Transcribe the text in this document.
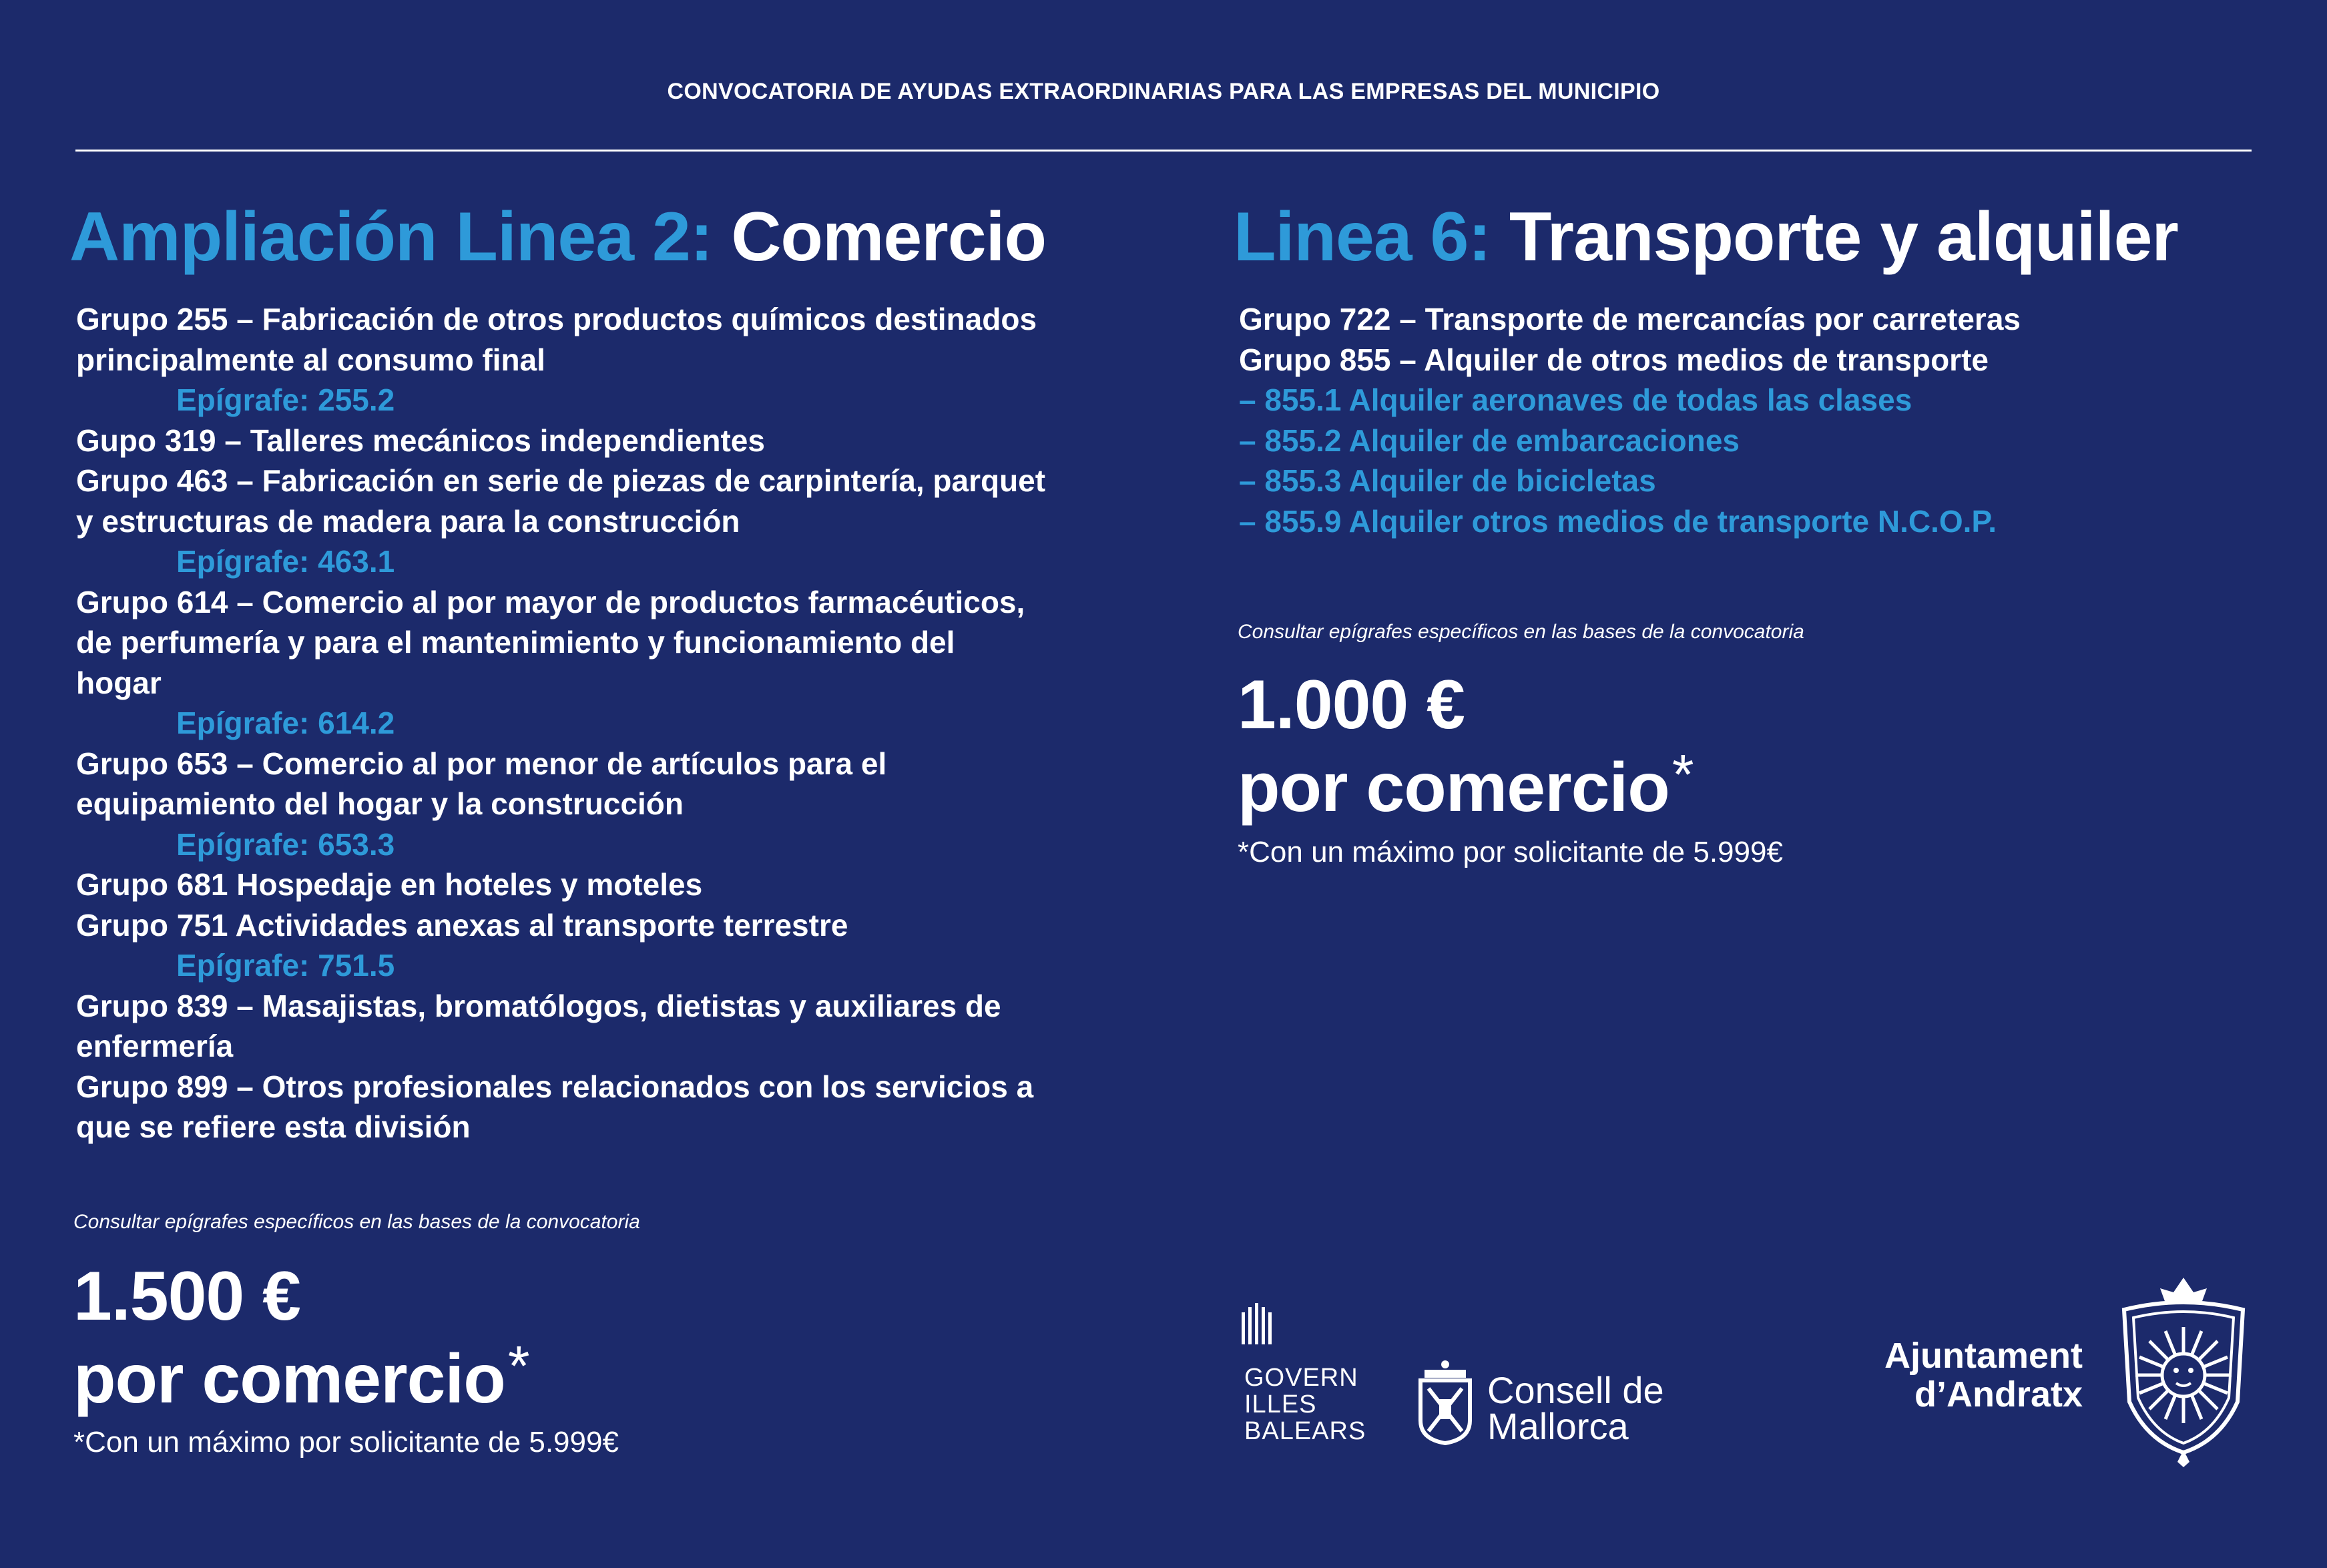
CONVOCATORIA DE AYUDAS EXTRAORDINARIAS PARA LAS EMPRESAS DEL MUNICIPIO
Ampliación Linea 2: Comercio
Grupo 255 – Fabricación de otros productos químicos destinados
principalmente al consumo final
Epígrafe: 255.2
Gupo 319 – Talleres mecánicos independientes
Grupo 463 – Fabricación en serie de piezas de carpintería, parquet
y estructuras de madera para la construcción
Epígrafe: 463.1
Grupo 614 – Comercio al por mayor de productos farmacéuticos,
de perfumería y para el mantenimiento y funcionamiento del
hogar
Epígrafe: 614.2
Grupo 653 – Comercio al por menor de artículos para el
equipamiento del hogar y la construcción
Epígrafe: 653.3
Grupo 681 Hospedaje en hoteles y moteles
Grupo 751 Actividades anexas al transporte terrestre
Epígrafe: 751.5
Grupo 839 – Masajistas, bromatólogos, dietistas y auxiliares de
enfermería
Grupo 899 – Otros profesionales relacionados con los servicios a
que se refiere esta división
Consultar epígrafes específicos en las bases de la convocatoria
1.500 €
por comercio*
*Con un máximo por solicitante de 5.999€
Linea 6: Transporte y alquiler
Grupo 722 – Transporte de mercancías por carreteras
Grupo 855 – Alquiler de otros medios de transporte
– 855.1 Alquiler aeronaves de todas las clases
– 855.2 Alquiler de embarcaciones
– 855.3 Alquiler de bicicletas
– 855.9 Alquiler otros medios de transporte N.C.O.P.
Consultar epígrafes específicos en las bases de la convocatoria
1.000 €
por comercio*
*Con un máximo por solicitante de 5.999€
GOVERN
ILLES
BALEARS
Consell de
Mallorca
Ajuntament
d’Andratx
